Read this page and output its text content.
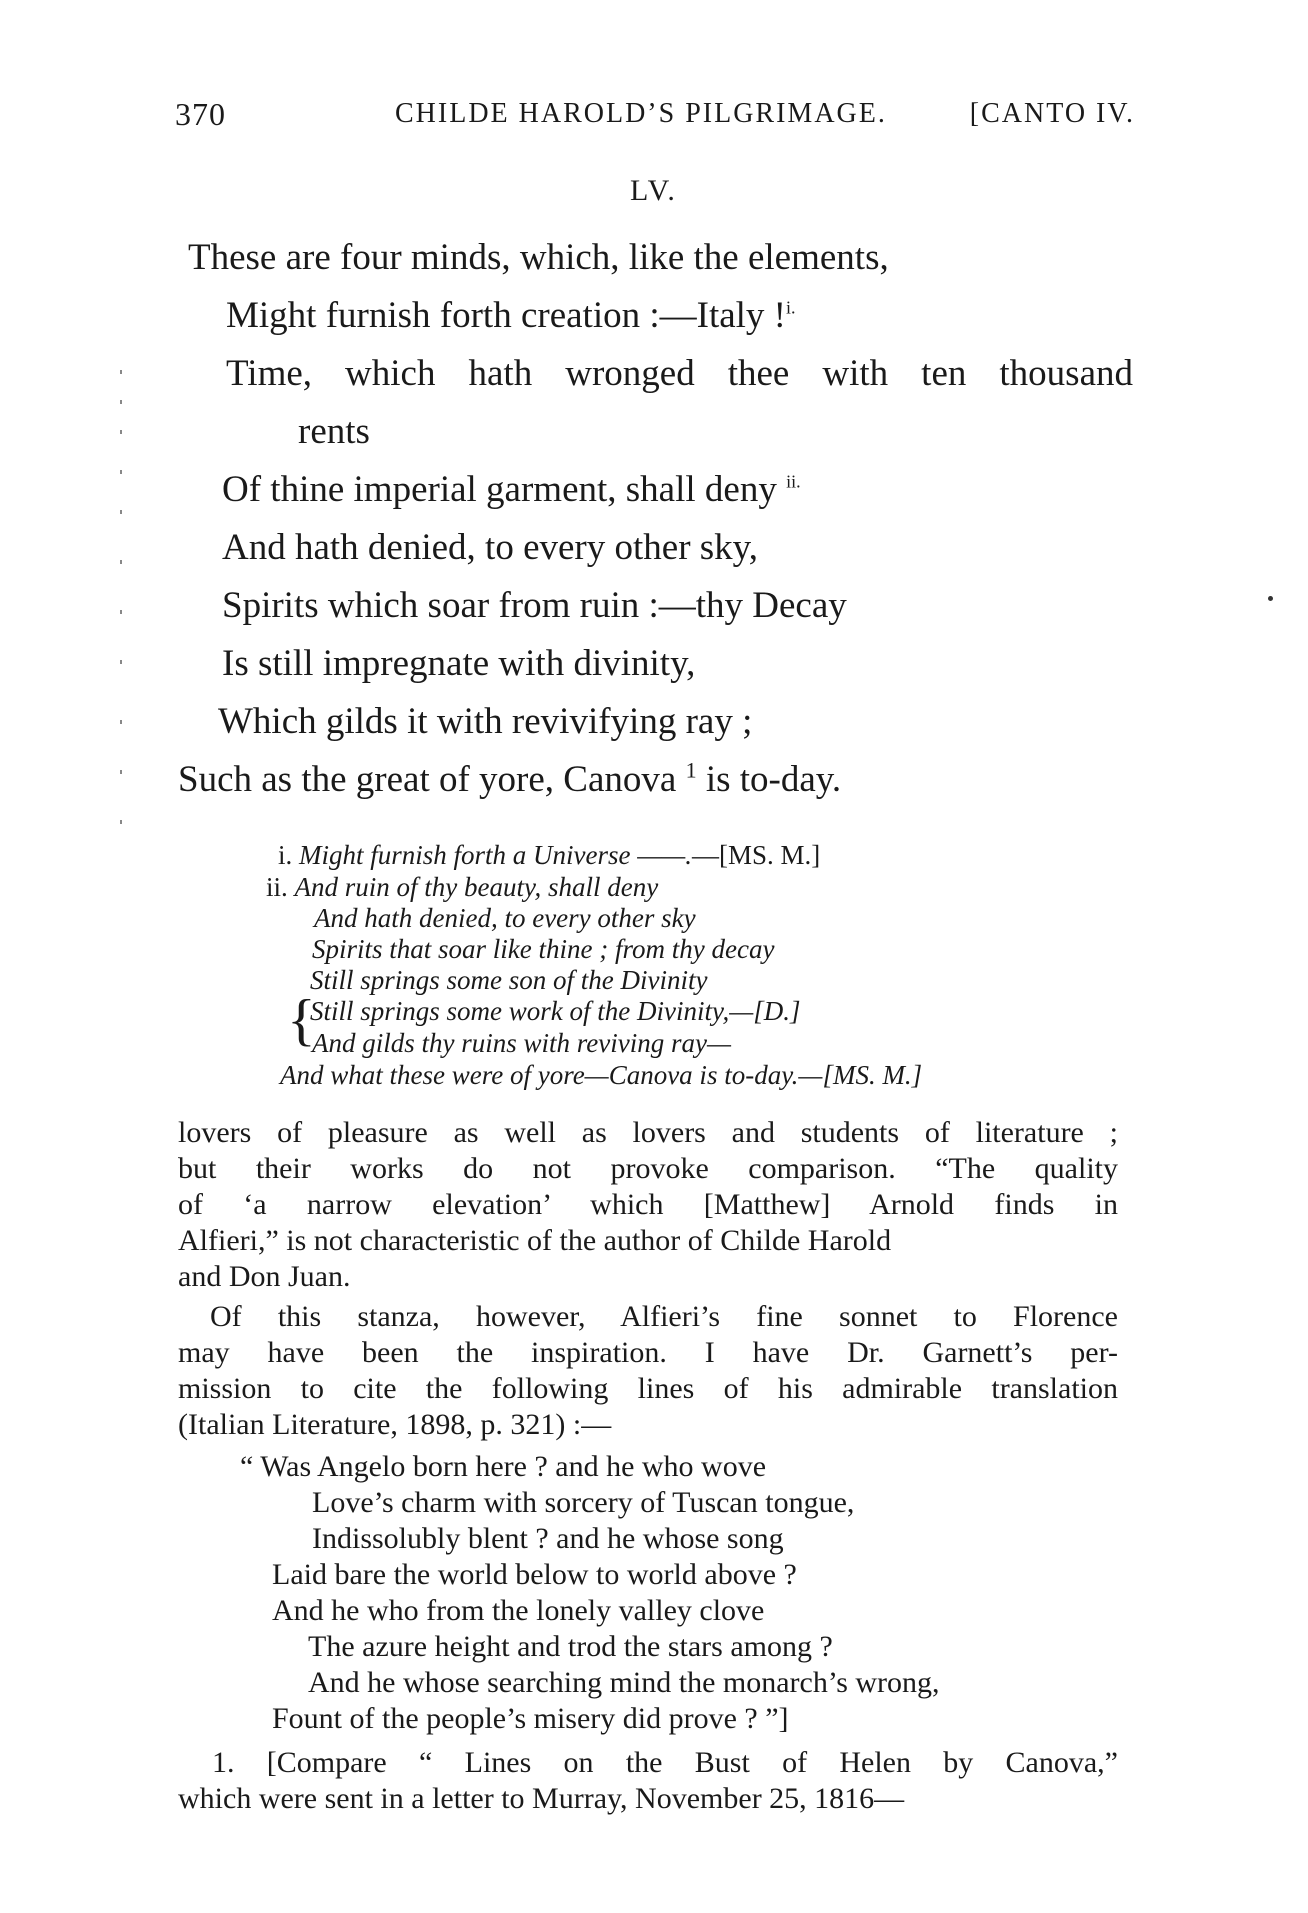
370	CHILDE HAROLD’S PILGRIMAGE.	[CANTO IV.
LV.
These are four minds, which, like the elements,
Might furnish forth creation :—Italy !$^{i.}$
Time, which hath wronged thee with ten thousand
rents
Of thine imperial garment, shall deny $^{ii.}$
And hath denied, to every other sky,
Spirits which soar from ruin :—thy Decay
Is still impregnate with divinity,
Which gilds it with revivifying ray ;
Such as the great of yore, Canova $^1$ is to-day.
i. Might furnish forth a Universe ——.—[MS. M.]
ii. And ruin of thy beauty, shall deny
And hath denied, to every other sky
Spirits that soar like thine ; from thy decay
{
Still springs some son of the Divinity
Still springs some work of the Divinity,—[D.]
And gilds thy ruins with reviving ray—
And what these were of yore—Canova is to-day.—[MS. M.]
lovers of pleasure as well as lovers and students of literature ;
but their works do not provoke comparison. “The quality
of ‘a narrow elevation’ which [Matthew] Arnold finds in
Alfieri,” is not characteristic of the author of Childe Harold
and Don Juan.
Of this stanza, however, Alfieri’s fine sonnet to Florence
may have been the inspiration. I have Dr. Garnett’s per-
mission to cite the following lines of his admirable translation
(Italian Literature, 1898, p. 321) :—
“ Was Angelo born here ? and he who wove
Love’s charm with sorcery of Tuscan tongue,
Indissolubly blent ? and he whose song
Laid bare the world below to world above ?
And he who from the lonely valley clove
The azure height and trod the stars among ?
And he whose searching mind the monarch’s wrong,
Fount of the people’s misery did prove ? ”]
1. [Compare “ Lines on the Bust of Helen by Canova,”
which were sent in a letter to Murray, November 25, 1816—
